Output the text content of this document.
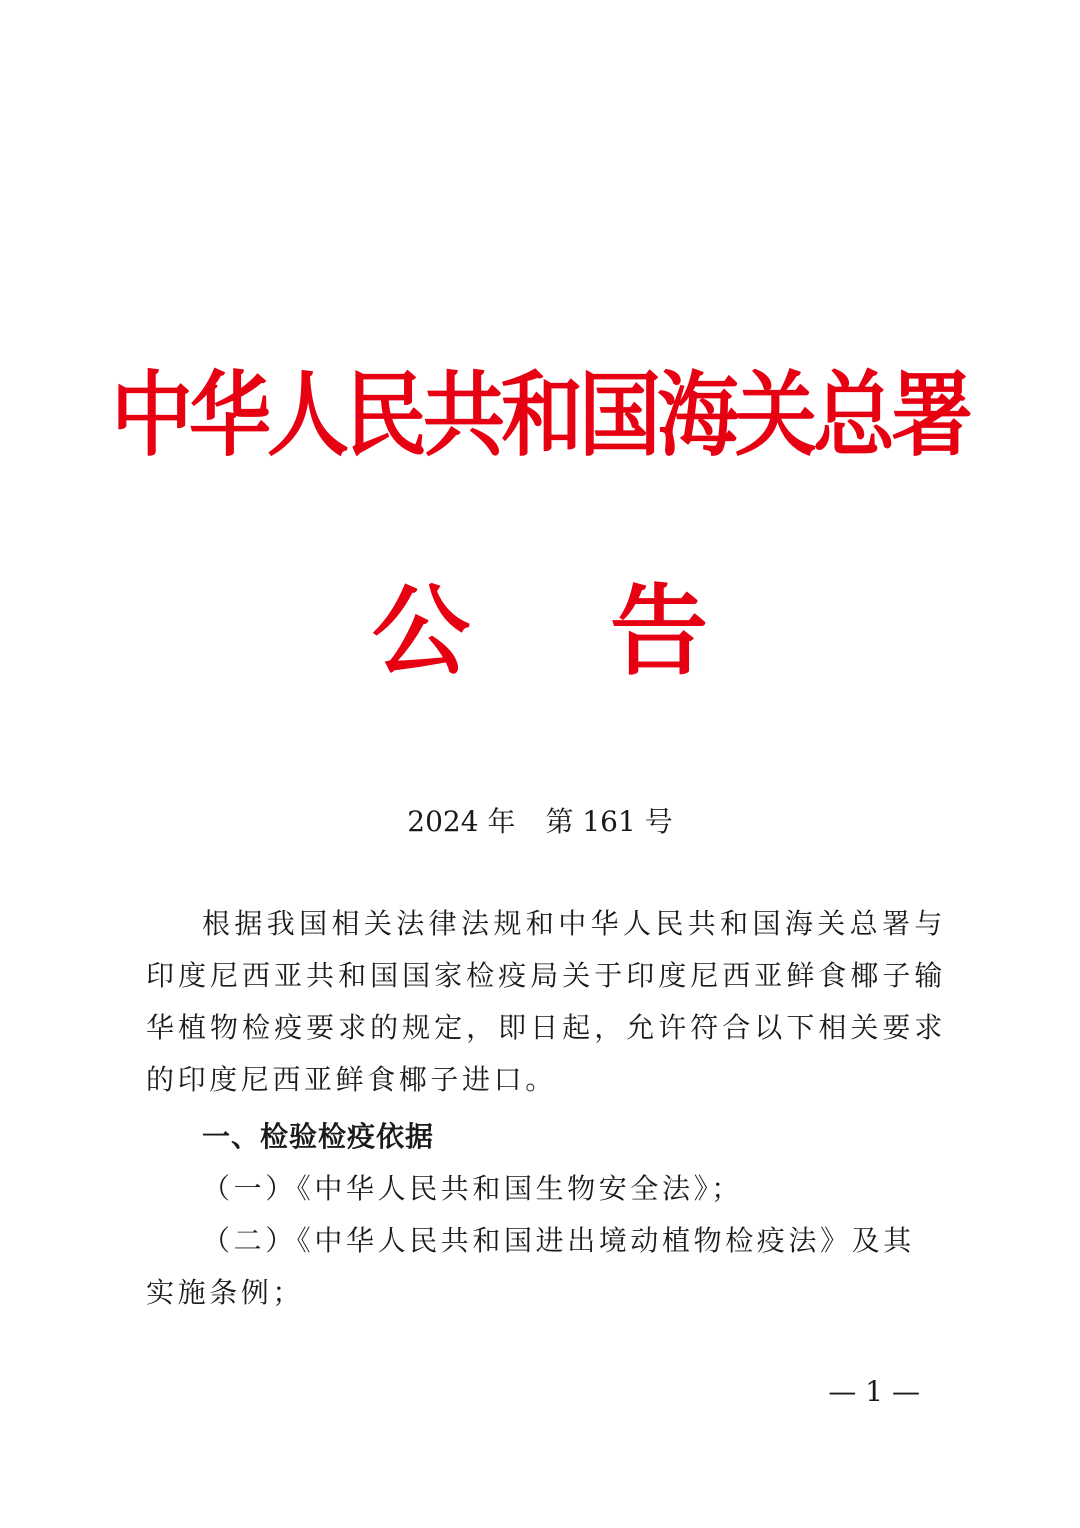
中华人民共和国海关总署
公 告
2024 年 第 161 号
根据我国相关法律法规和中华人民共和国海关总署与印度尼西亚共和国国家检疫局关于印度尼西亚鲜食椰子输华植物检疫要求的规定，即日起，允许符合以下相关要求的印度尼西亚鲜食椰子进口。
一、检验检疫依据
（一）《中华人民共和国生物安全法》；
（二）《中华人民共和国进出境动植物检疫法》及其实施条例；
— 1 —
